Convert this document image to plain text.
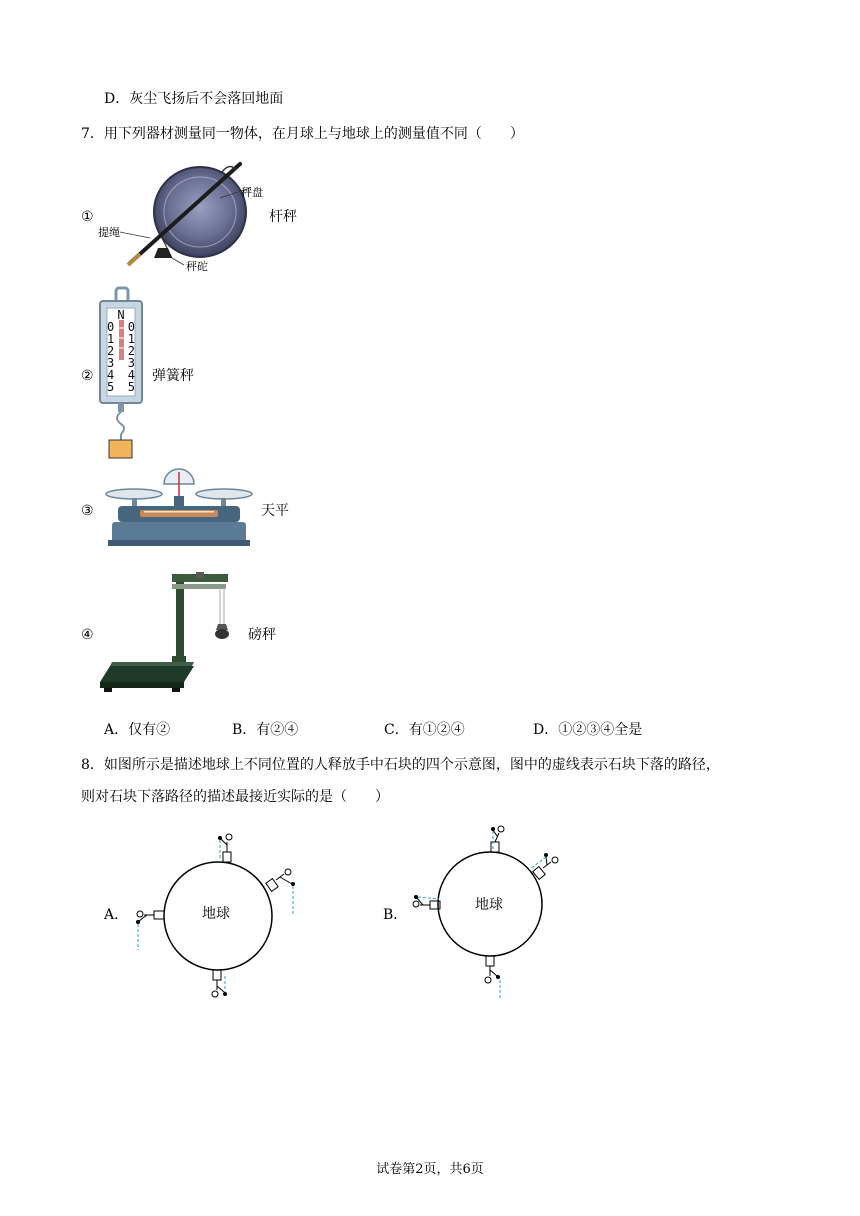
D．灰尘飞扬后不会落回地面
7．用下列器材测量同一物体，在月球上与地球上的测量值不同（　　）
①
秤盘
提绳
秤砣
杆秤
②
N
0 0
1 1
2 2
3 3
4 4
5 5
弹簧秤
③	天平
④	磅秤
A．仅有②	B．有②④	C．有①②④	D．①②③④全是
8．如图所示是描述地球上不同位置的人释放手中石块的四个示意图，图中的虚线表示石块下落的路径，
则对石块下落路径的描述最接近实际的是（　　）
A．	地球	B．
地球
试卷第2页，共6页
